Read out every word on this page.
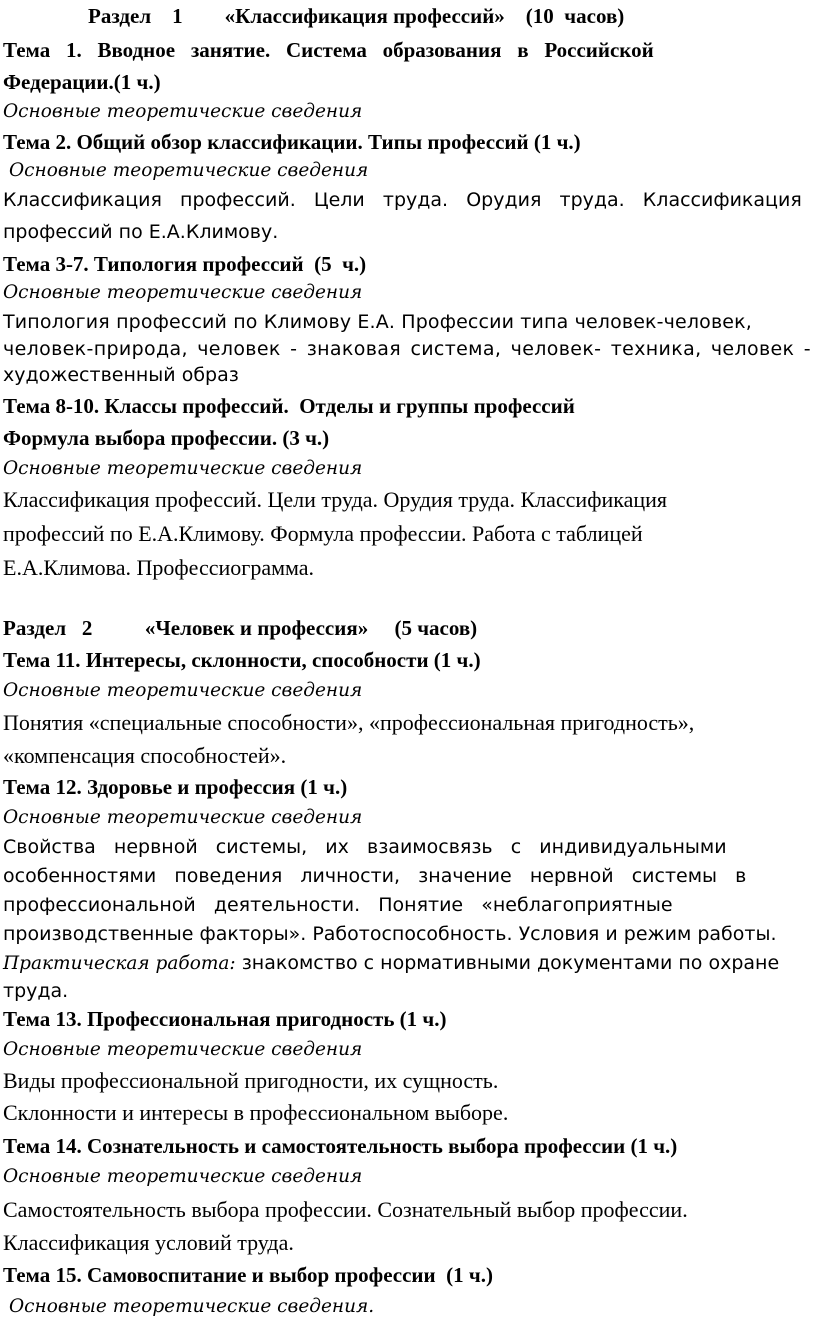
Раздел    1        «Классификация профессий»    (10  часов)
Тема   1.   Вводное   занятие.   Система   образования   в   Российской
Федерации.(1 ч.)
Основные теоретические сведения
Тема 2. Общий обзор классификации. Типы профессий (1 ч.)
Основные теоретические сведения
Классификация   профессий.   Цели   труда.   Орудия   труда.   Классификация
профессий по Е.А.Климову.
Тема 3-7. Типология профессий  (5  ч.)
Основные теоретические сведения
Типология профессий по Климову Е.А. Профессии типа человек-человек,
человек-природа, человек - знаковая система, человек- техника, человек -
художественный образ
Тема 8-10. Классы профессий.  Отделы и группы профессий
Формула выбора профессии. (3 ч.)
Основные теоретические сведения
Классификация профессий. Цели труда. Орудия труда. Классификация
профессий по Е.А.Климову. Формула профессии. Работа с таблицей
Е.А.Климова. Профессиограмма.
Раздел   2          «Человек и профессия»     (5 часов)
Тема 11. Интересы, склонности, способности (1 ч.)
Основные теоретические сведения
Понятия «специальные способности», «профессиональная пригодность»,
«компенсация способностей».
Тема 12. Здоровье и профессия (1 ч.)
Основные теоретические сведения
Свойства   нервной   системы,   их   взаимосвязь   с   индивидуальными
особенностями   поведения   личности,   значение   нервной   системы   в
профессиональной   деятельности.   Понятие   «неблагоприятные
производственные факторы». Работоспособность. Условия и режим работы.
Практическая работа: знакомство с нормативными документами по охране
труда.
Тема 13. Профессиональная пригодность (1 ч.)
Основные теоретические сведения
Виды профессиональной пригодности, их сущность.
Склонности и интересы в профессиональном выборе.
Тема 14. Сознательность и самостоятельность выбора профессии (1 ч.)
Основные теоретические сведения
Самостоятельность выбора профессии. Сознательный выбор профессии.
Классификация условий труда.
Тема 15. Самовоспитание и выбор профессии  (1 ч.)
Основные теоретические сведения.
